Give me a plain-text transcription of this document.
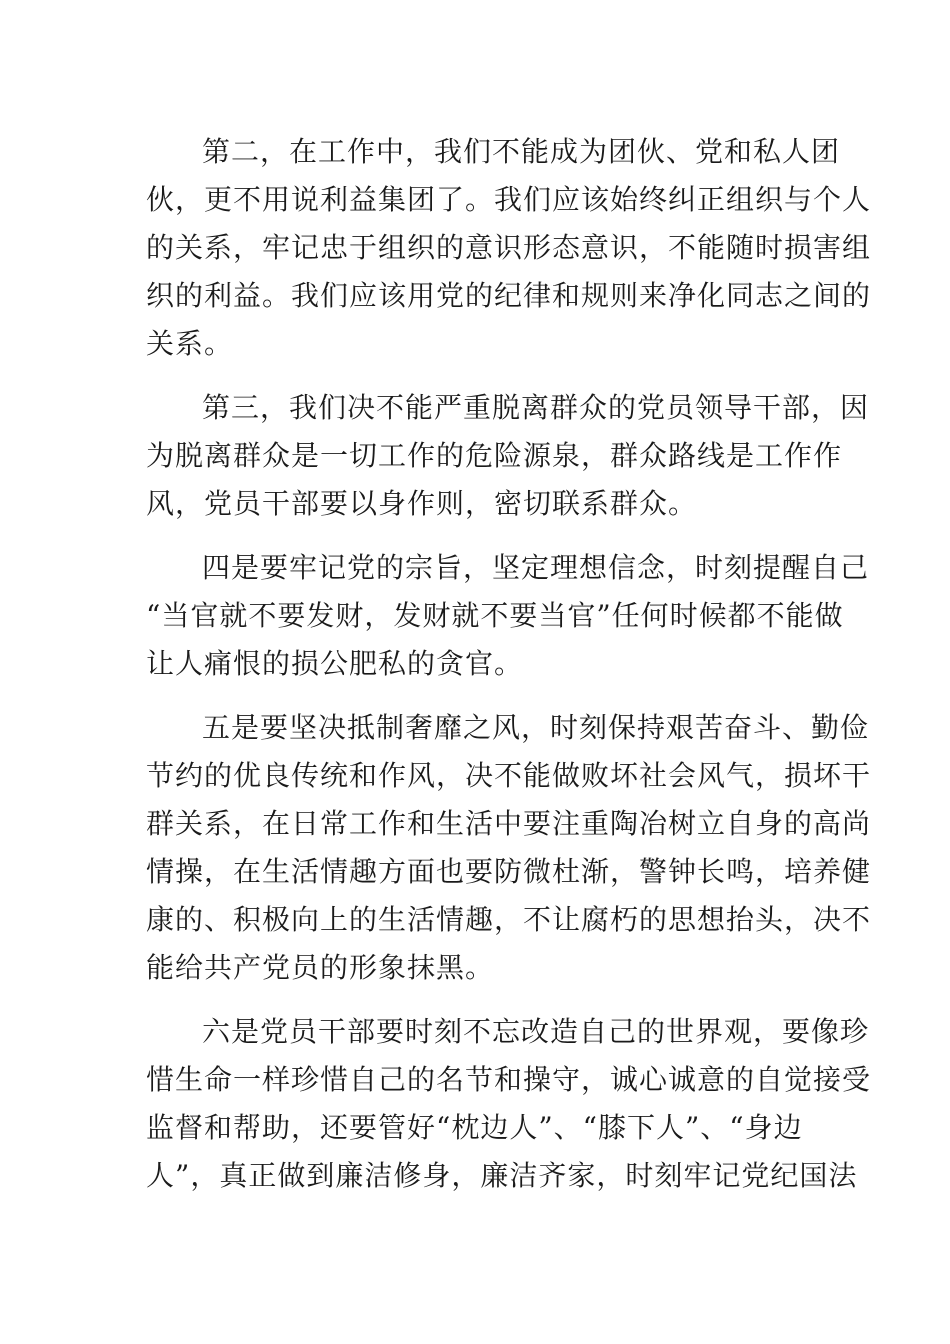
第二，在工作中，我们不能成为团伙、党和私人团
伙，更不用说利益集团了。我们应该始终纠正组织与个人
的关系，牢记忠于组织的意识形态意识，不能随时损害组
织的利益。我们应该用党的纪律和规则来净化同志之间的
关系。
第三，我们决不能严重脱离群众的党员领导干部，因
为脱离群众是一切工作的危险源泉，群众路线是工作作
风，党员干部要以身作则，密切联系群众。
四是要牢记党的宗旨，坚定理想信念，时刻提醒自己
“当官就不要发财，发财就不要当官”任何时候都不能做
让人痛恨的损公肥私的贪官。
五是要坚决抵制奢靡之风，时刻保持艰苦奋斗、勤俭
节约的优良传统和作风，决不能做败坏社会风气，损坏干
群关系，在日常工作和生活中要注重陶冶树立自身的高尚
情操，在生活情趣方面也要防微杜渐，警钟长鸣，培养健
康的、积极向上的生活情趣，不让腐朽的思想抬头，决不
能给共产党员的形象抹黑。
六是党员干部要时刻不忘改造自己的世界观，要像珍
惜生命一样珍惜自己的名节和操守，诚心诚意的自觉接受
监督和帮助，还要管好“枕边人”、“膝下人”、“身边
人”，真正做到廉洁修身，廉洁齐家，时刻牢记党纪国法
